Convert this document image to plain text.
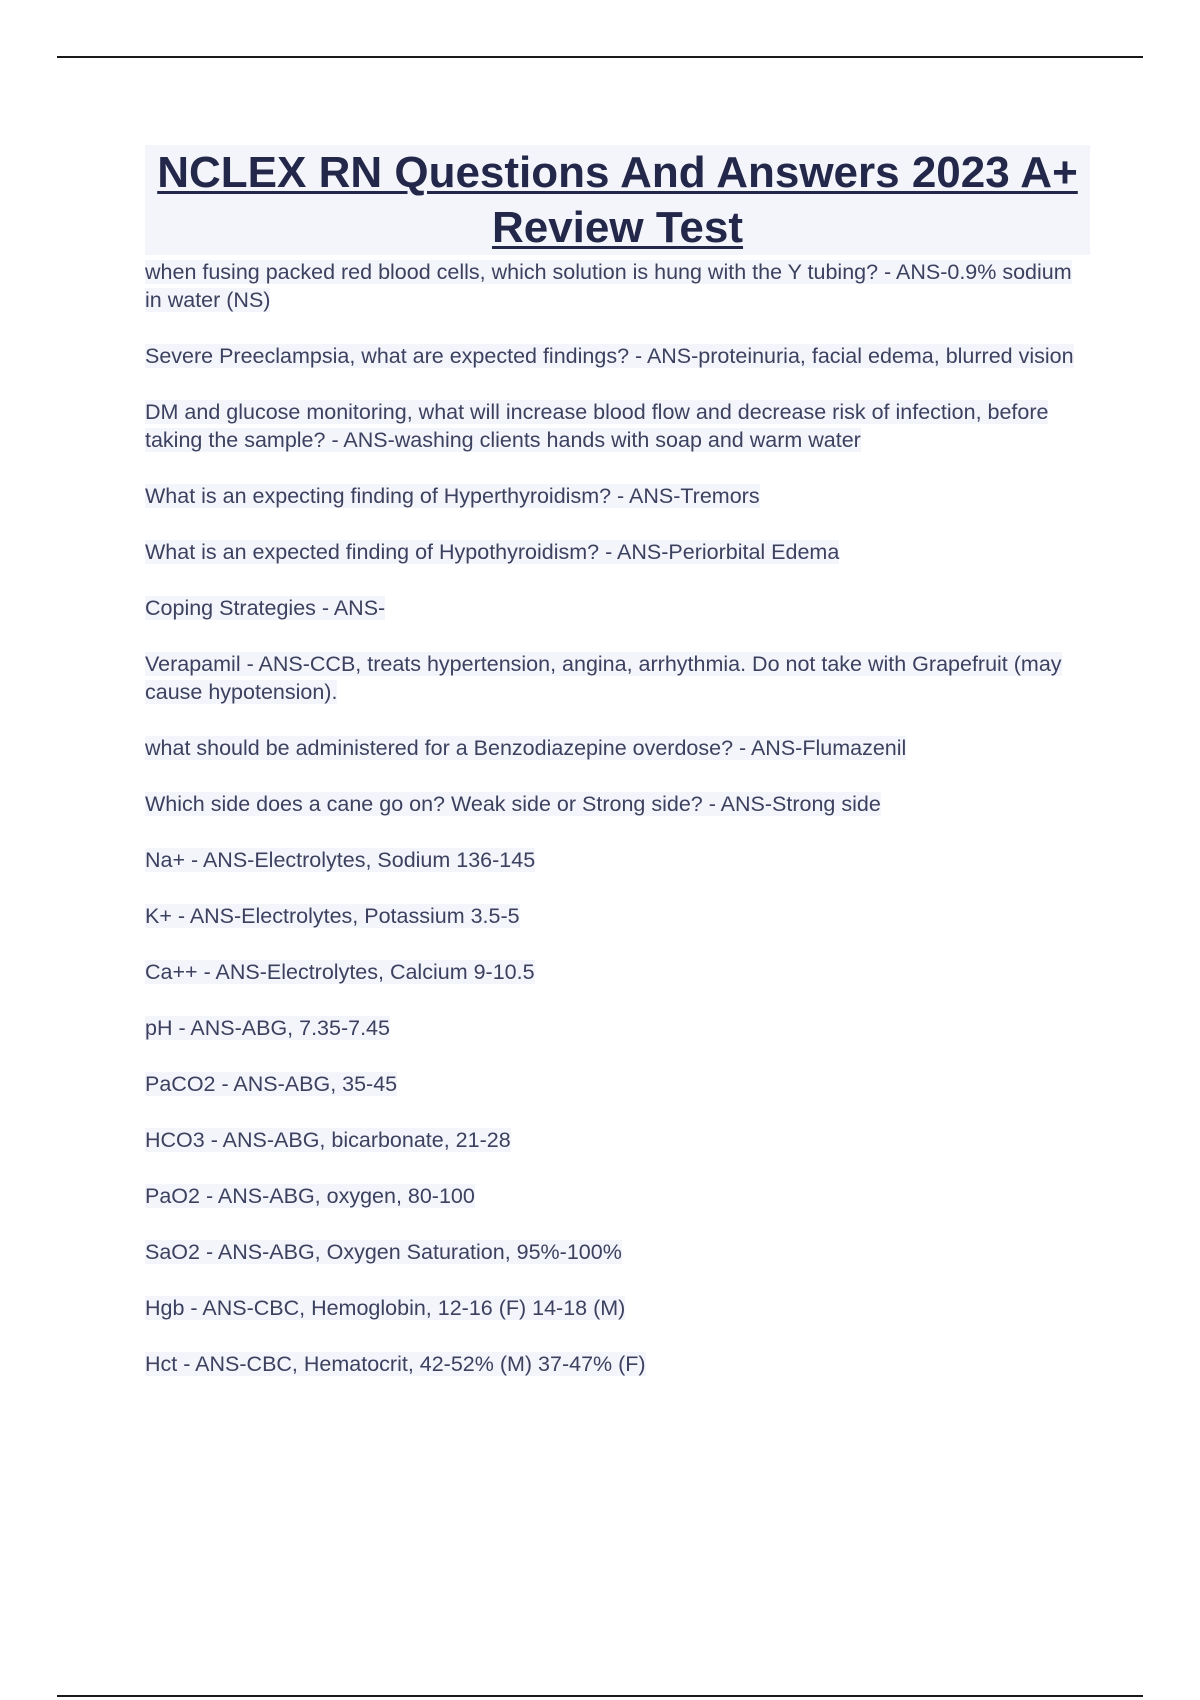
NCLEX RN Questions And Answers 2023 A+ Review Test
when fusing packed red blood cells, which solution is hung with the Y tubing? - ANS-0.9% sodium in water (NS)
Severe Preeclampsia, what are expected findings? - ANS-proteinuria, facial edema, blurred vision
DM and glucose monitoring, what will increase blood flow and decrease risk of infection, before taking the sample? - ANS-washing clients hands with soap and warm water
What is an expecting finding of Hyperthyroidism? - ANS-Tremors
What is an expected finding of Hypothyroidism? - ANS-Periorbital Edema
Coping Strategies - ANS-
Verapamil - ANS-CCB, treats hypertension, angina, arrhythmia. Do not take with Grapefruit (may cause hypotension).
what should be administered for a Benzodiazepine overdose? - ANS-Flumazenil
Which side does a cane go on? Weak side or Strong side? - ANS-Strong side
Na+ - ANS-Electrolytes, Sodium 136-145
K+ - ANS-Electrolytes, Potassium 3.5-5
Ca++ - ANS-Electrolytes, Calcium 9-10.5
pH - ANS-ABG, 7.35-7.45
PaCO2 - ANS-ABG, 35-45
HCO3 - ANS-ABG, bicarbonate, 21-28
PaO2 - ANS-ABG, oxygen, 80-100
SaO2 - ANS-ABG, Oxygen Saturation, 95%-100%
Hgb - ANS-CBC, Hemoglobin, 12-16 (F) 14-18 (M)
Hct - ANS-CBC, Hematocrit, 42-52% (M) 37-47% (F)
